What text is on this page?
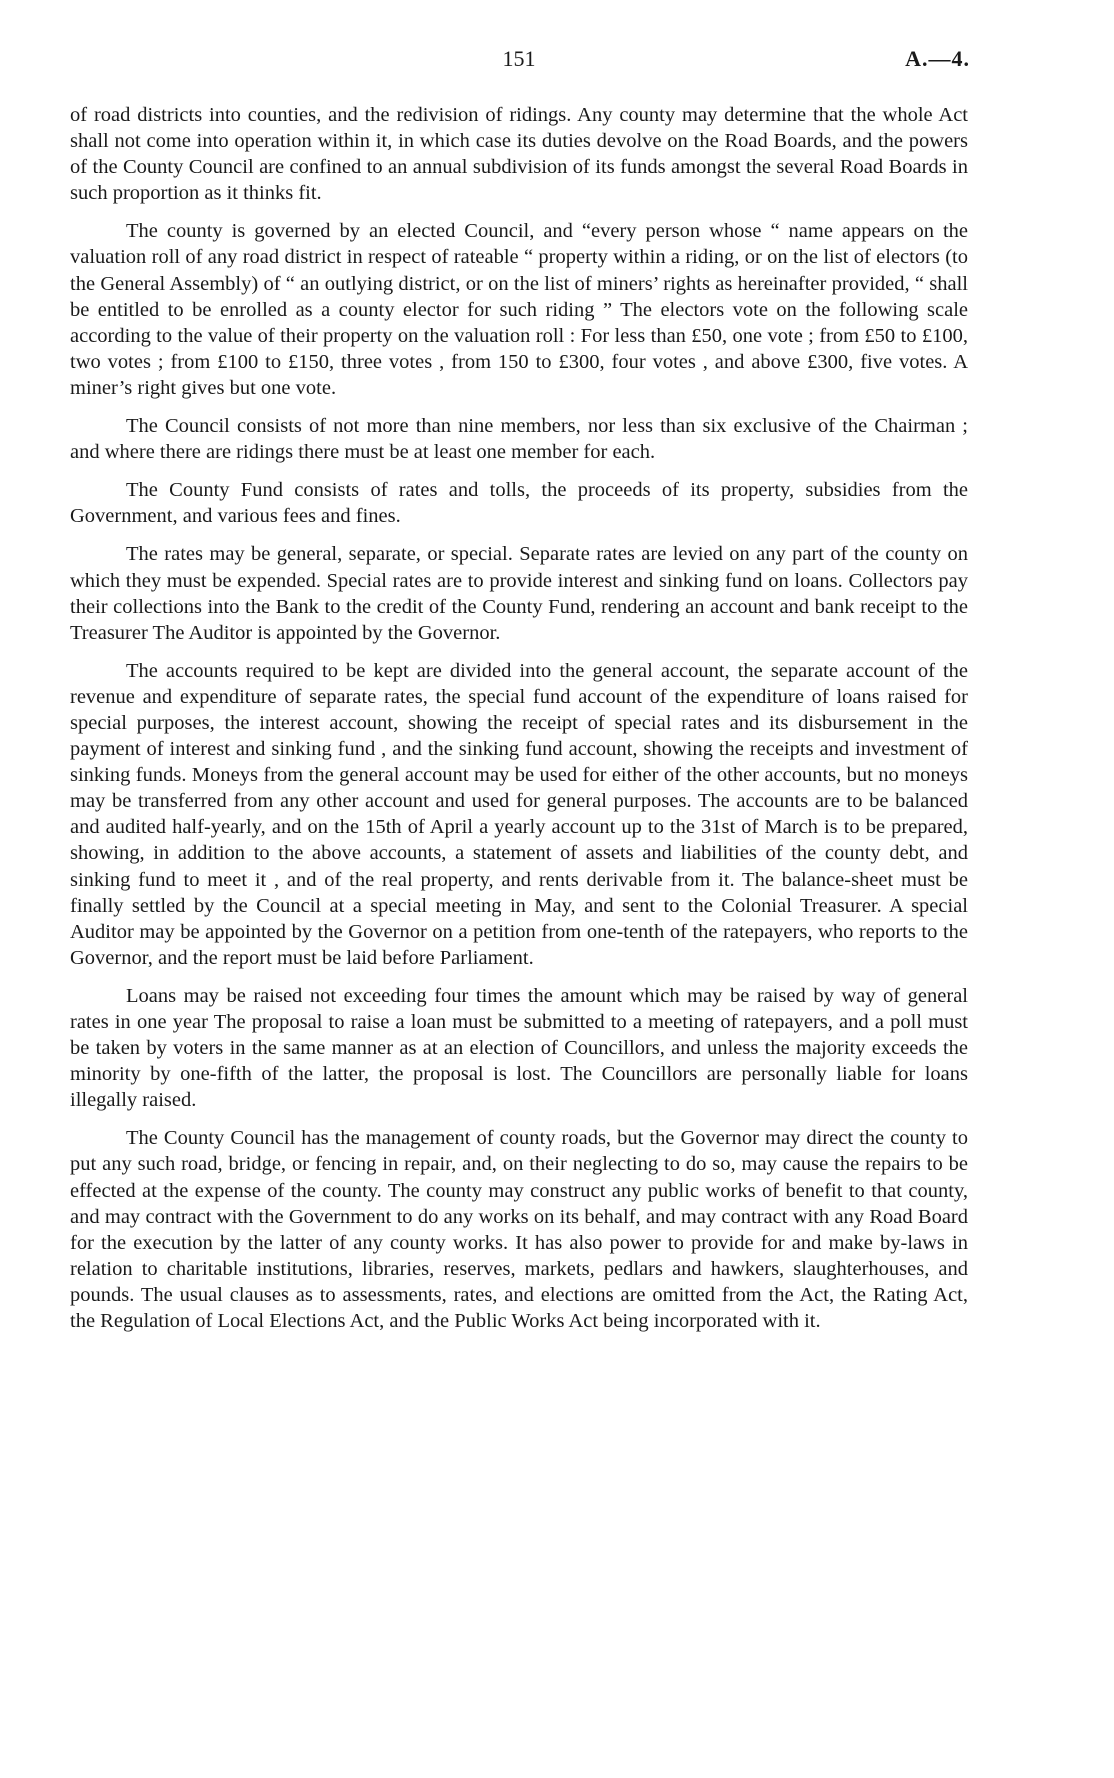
151	A.—4.

of road districts into counties, and the redivision of ridings. Any county may determine that the whole Act shall not come into operation within it, in which case its duties devolve on the Road Boards, and the powers of the County Council are confined to an annual subdivision of its funds amongst the several Road Boards in such proportion as it thinks fit.

The county is governed by an elected Council, and “every person whose “ name appears on the valuation roll of any road district in respect of rateable “ property within a riding, or on the list of electors (to the General Assembly) of “ an outlying district, or on the list of miners’ rights as hereinafter provided, “ shall be entitled to be enrolled as a county elector for such riding ” The electors vote on the following scale according to the value of their property on the valuation roll : For less than £50, one vote ; from £50 to £100, two votes ; from £100 to £150, three votes , from 150 to £300, four votes , and above £300, five votes. A miner’s right gives but one vote.

The Council consists of not more than nine members, nor less than six exclusive of the Chairman ; and where there are ridings there must be at least one member for each.

The County Fund consists of rates and tolls, the proceeds of its property, subsidies from the Government, and various fees and fines.

The rates may be general, separate, or special. Separate rates are levied on any part of the county on which they must be expended. Special rates are to provide interest and sinking fund on loans. Collectors pay their collections into the Bank to the credit of the County Fund, rendering an account and bank receipt to the Treasurer The Auditor is appointed by the Governor.

The accounts required to be kept are divided into the general account, the separate account of the revenue and expenditure of separate rates, the special fund account of the expenditure of loans raised for special purposes, the interest account, showing the receipt of special rates and its disbursement in the payment of interest and sinking fund , and the sinking fund account, showing the receipts and investment of sinking funds. Moneys from the general account may be used for either of the other accounts, but no moneys may be transferred from any other account and used for general purposes. The accounts are to be balanced and audited half-yearly, and on the 15th of April a yearly account up to the 31st of March is to be prepared, showing, in addition to the above accounts, a statement of assets and liabilities of the county debt, and sinking fund to meet it , and of the real property, and rents derivable from it. The balance-sheet must be finally settled by the Council at a special meeting in May, and sent to the Colonial Treasurer. A special Auditor may be appointed by the Governor on a petition from one-tenth of the ratepayers, who reports to the Governor, and the report must be laid before Parliament.

Loans may be raised not exceeding four times the amount which may be raised by way of general rates in one year The proposal to raise a loan must be submitted to a meeting of ratepayers, and a poll must be taken by voters in the same manner as at an election of Councillors, and unless the majority exceeds the minority by one-fifth of the latter, the proposal is lost. The Councillors are personally liable for loans illegally raised.

The County Council has the management of county roads, but the Governor may direct the county to put any such road, bridge, or fencing in repair, and, on their neglecting to do so, may cause the repairs to be effected at the expense of the county. The county may construct any public works of benefit to that county, and may contract with the Government to do any works on its behalf, and may contract with any Road Board for the execution by the latter of any county works. It has also power to provide for and make by-laws in relation to charitable institutions, libraries, reserves, markets, pedlars and hawkers, slaughterhouses, and pounds. The usual clauses as to assessments, rates, and elections are omitted from the Act, the Rating Act, the Regulation of Local Elections Act, and the Public Works Act being incorporated with it.
